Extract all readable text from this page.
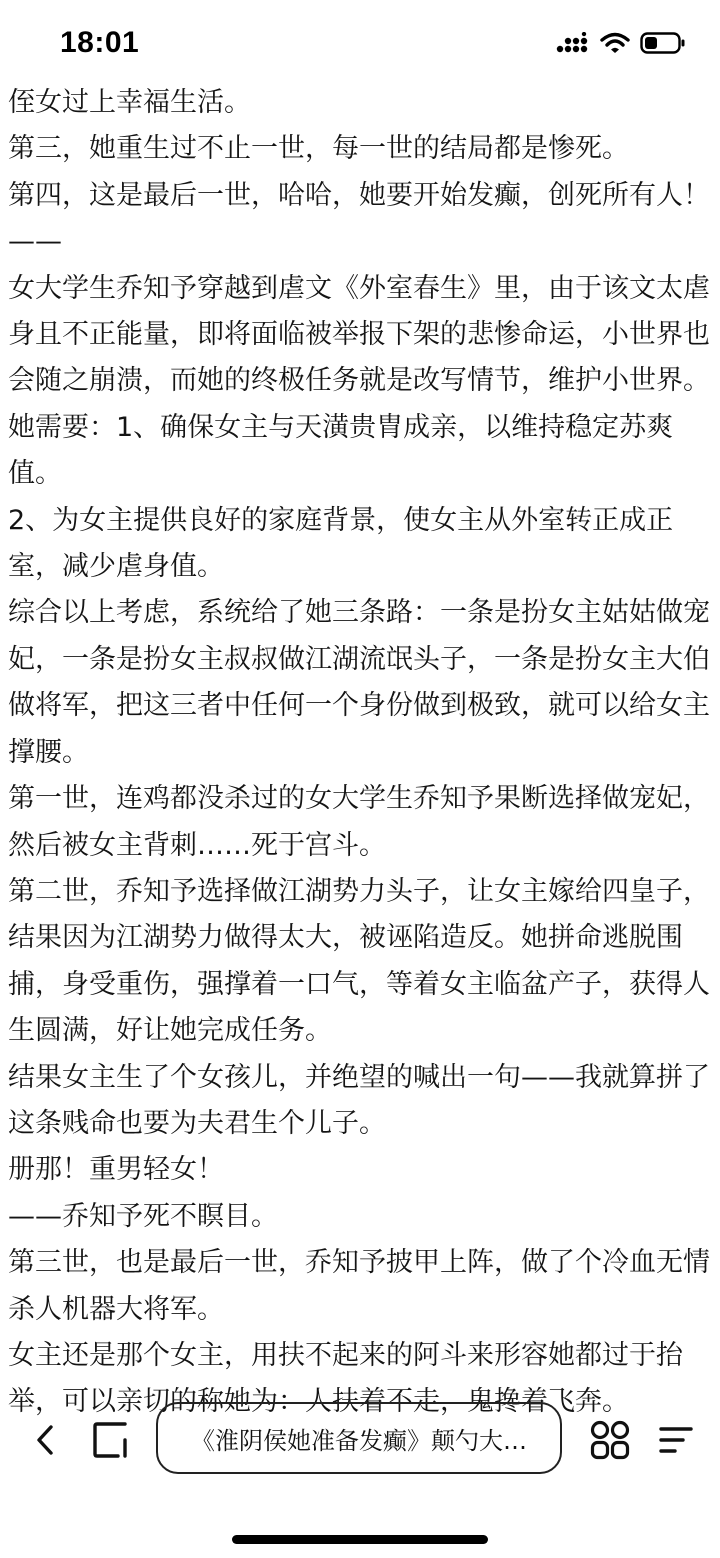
18:01

侄女过上幸福生活。

第三，她重生过不止一世，每一世的结局都是惨死。

第四，这是最后一世，哈哈，她要开始发癫，创死所有人！

——

女大学生乔知予穿越到虐文《外室春生》里，由于该文太虐身且不正能量，即将面临被举报下架的悲惨命运，小世界也会随之崩溃，而她的终极任务就是改写情节，维护小世界。

她需要：1、确保女主与天潢贵胄成亲，以维持稳定苏爽值。

2、为女主提供良好的家庭背景，使女主从外室转正成正室，减少虐身值。

综合以上考虑，系统给了她三条路：一条是扮女主姑姑做宠妃，一条是扮女主叔叔做江湖流氓头子，一条是扮女主大伯做将军，把这三者中任何一个身份做到极致，就可以给女主撑腰。

第一世，连鸡都没杀过的女大学生乔知予果断选择做宠妃，然后被女主背刺……死于宫斗。

第二世，乔知予选择做江湖势力头子，让女主嫁给四皇子，结果因为江湖势力做得太大，被诬陷造反。她拼命逃脱围捕，身受重伤，强撑着一口气，等着女主临盆产子，获得人生圆满，好让她完成任务。

结果女主生了个女孩儿，并绝望的喊出一句——我就算拼了这条贱命也要为夫君生个儿子。

册那！重男轻女！

——乔知予死不瞑目。

第三世，也是最后一世，乔知予披甲上阵，做了个冷血无情杀人机器大将军。

女主还是那个女主，用扶不起来的阿斗来形容她都过于抬举，可以亲切的称她为：人扶着不走，鬼搀着飞奔。

《淮阴侯她准备发癫》颠勺大…
